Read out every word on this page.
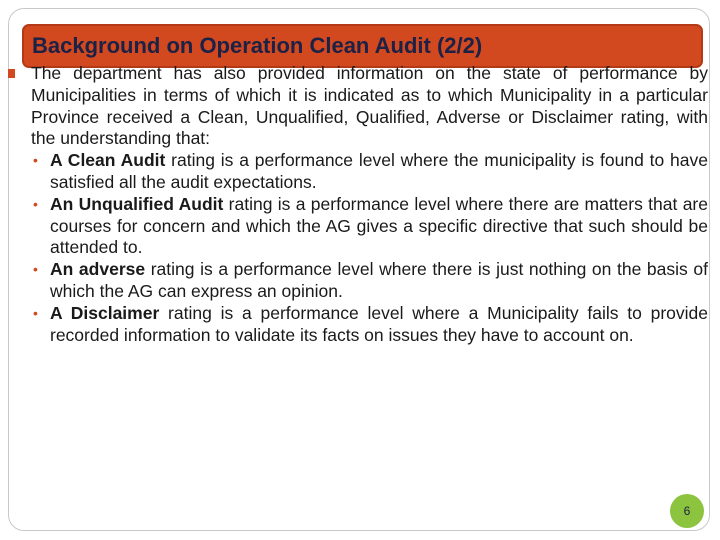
Background on Operation Clean Audit (2/2)
The department has also provided information on the state of performance by Municipalities in terms of which it is indicated as to which Municipality in a particular Province received a Clean, Unqualified, Qualified, Adverse or Disclaimer rating, with the understanding that:
• A Clean Audit rating is a performance level where the municipality is found to have satisfied all the audit expectations.
• An Unqualified Audit rating is a performance level where there are matters that are courses for concern and which the AG gives a specific directive that such should be attended to.
• An adverse rating is a performance level where there is just nothing on the basis of which the AG can express an opinion.
• A Disclaimer rating is a performance level where a Municipality fails to provide recorded information to validate its facts on issues they have to account on.
6
